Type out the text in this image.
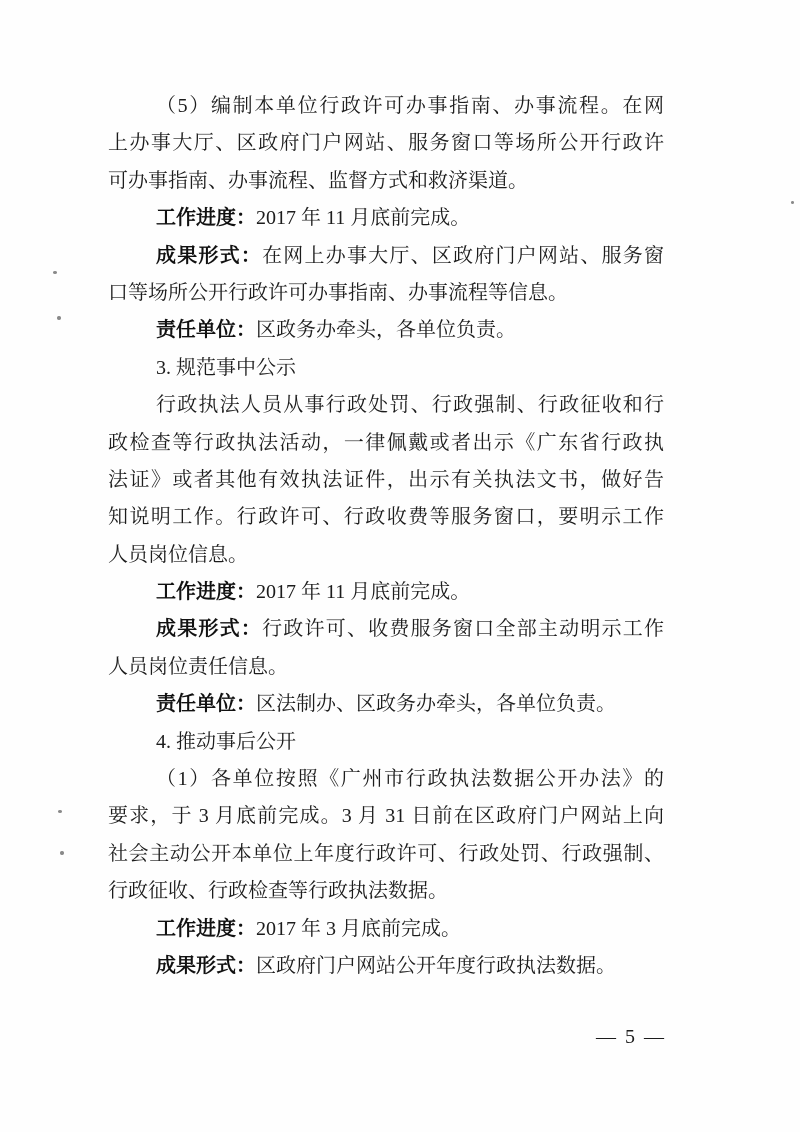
（5）编制本单位行政许可办事指南、办事流程。在网
上办事大厅、区政府门户网站、服务窗口等场所公开行政许
可办事指南、办事流程、监督方式和救济渠道。
工作进度：2017 年 11 月底前完成。
成果形式：在网上办事大厅、区政府门户网站、服务窗
口等场所公开行政许可办事指南、办事流程等信息。
责任单位：区政务办牵头，各单位负责。
3. 规范事中公示
行政执法人员从事行政处罚、行政强制、行政征收和行
政检查等行政执法活动，一律佩戴或者出示《广东省行政执
法证》或者其他有效执法证件，出示有关执法文书，做好告
知说明工作。行政许可、行政收费等服务窗口，要明示工作
人员岗位信息。
工作进度：2017 年 11 月底前完成。
成果形式：行政许可、收费服务窗口全部主动明示工作
人员岗位责任信息。
责任单位：区法制办、区政务办牵头，各单位负责。
4. 推动事后公开
（1）各单位按照《广州市行政执法数据公开办法》的
要求，于 3 月底前完成。3 月 31 日前在区政府门户网站上向
社会主动公开本单位上年度行政许可、行政处罚、行政强制、
行政征收、行政检查等行政执法数据。
工作进度：2017 年 3 月底前完成。
成果形式：区政府门户网站公开年度行政执法数据。
— 5 —
